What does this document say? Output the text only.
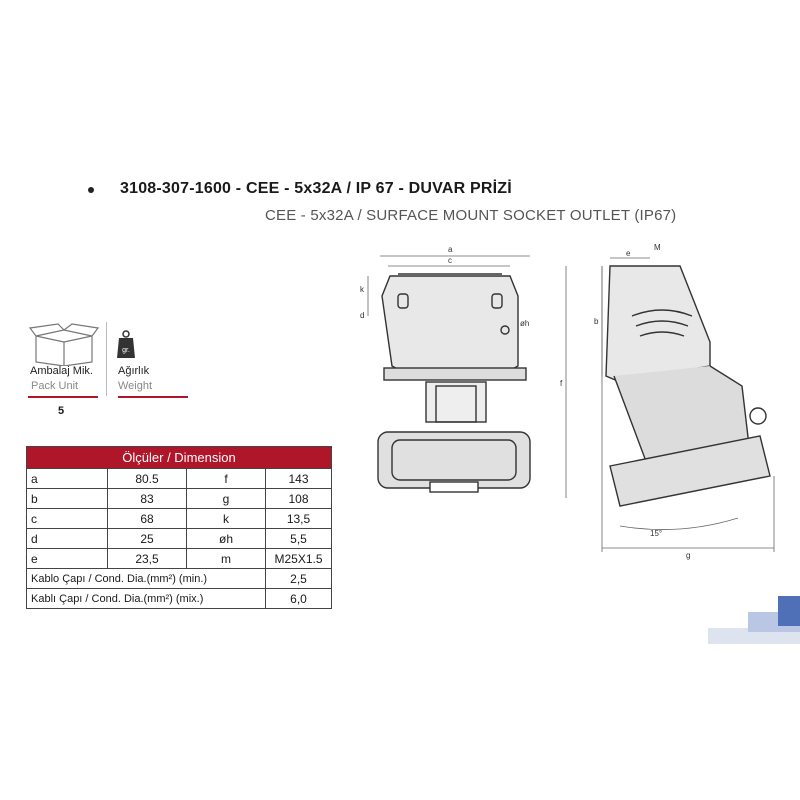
3108-307-1600 - CEE - 5x32A / IP 67 - DUVAR PRİZİ
CEE - 5x32A / SURFACE MOUNT SOCKET OUTLET (IP67)
Ambalaj Mik.
Pack Unit
5
gr.
Ağırlık
Weight
Ölçüler / Dimension			
a	80.5	f	143
b	83	g	108
c	68	k	13,5
d	25	øh	5,5
e	23,5	m	M25X1.5
Kablo Çapı / Cond. Dia.(mm²) (min.)			2,5
Kablı Çapı / Cond. Dia.(mm²) (mix.)			6,0
a
c
k
d
øh
e
M
b
f
g
15°
